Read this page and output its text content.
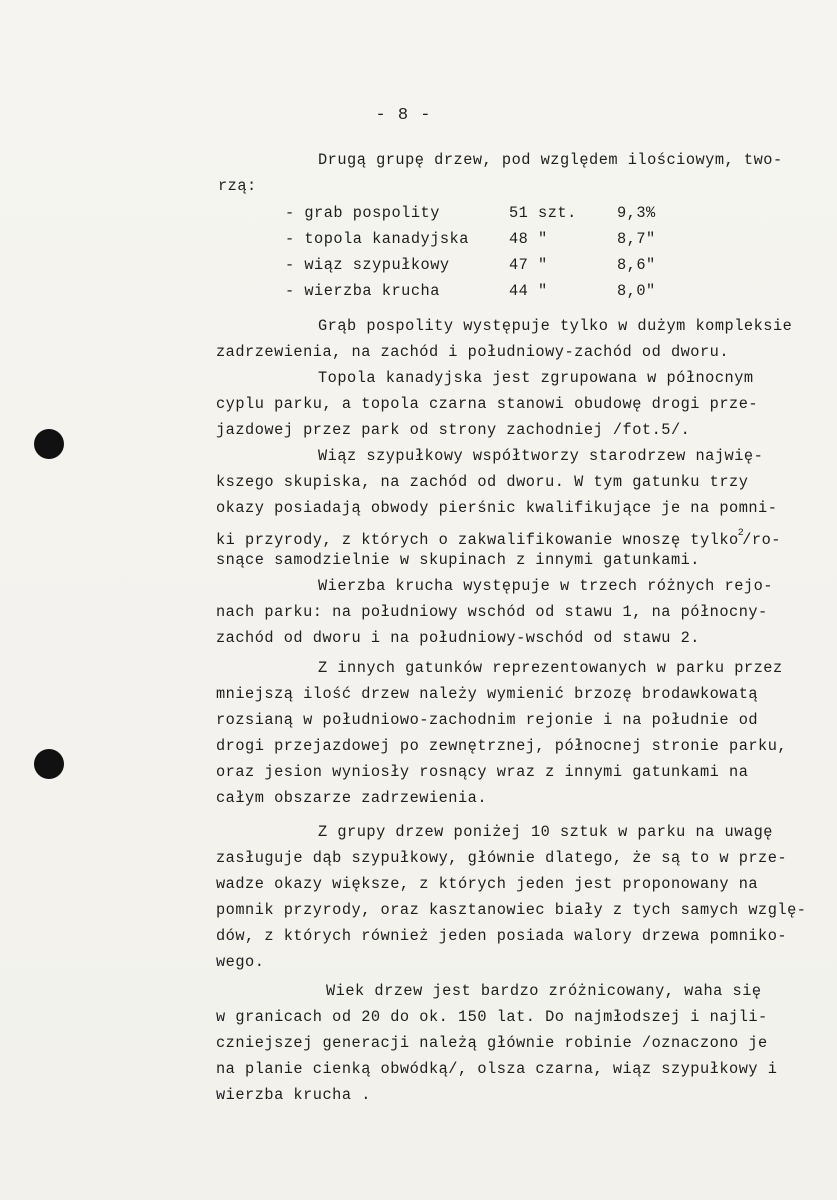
- 8 -
Drugą grupę drzew, pod względem ilościowym, two-
rzą:
- grab pospolity	51 szt.	9,3%
- topola kanadyjska	48 "	8,7"
- wiąz szypułkowy	47 "	8,6"
- wierzba krucha	44 "	8,0"
Grąb pospolity występuje tylko w dużym kompleksie
zadrzewienia, na zachód i południowy-zachód od dworu.
Topola kanadyjska jest zgrupowana w północnym
cyplu parku, a topola czarna stanowi obudowę drogi prze-
jazdowej przez park od strony zachodniej /fot.5/.
Wiąz szypułkowy współtworzy starodrzew najwię-
kszego skupiska, na zachód od dworu. W tym gatunku trzy
okazy posiadają obwody pierśnic kwalifikujące je na pomni-
ki przyrody, z których o zakwalifikowanie wnoszę tylko$^2$/ro-
snące samodzielnie w skupinach z innymi gatunkami.
Wierzba krucha występuje w trzech różnych rejo-
nach parku: na południowy wschód od stawu 1, na północny-
zachód od dworu i na południowy-wschód od stawu 2.
Z innych gatunków reprezentowanych w parku przez
mniejszą ilość drzew należy wymienić brzozę brodawkowatą
rozsianą w południowo-zachodnim rejonie i na południe od
drogi przejazdowej po zewnętrznej, północnej stronie parku,
oraz jesion wyniosły rosnący wraz z innymi gatunkami na
całym obszarze zadrzewienia.
Z grupy drzew poniżej 10 sztuk w parku na uwagę
zasługuje dąb szypułkowy, głównie dlatego, że są to w prze-
wadze okazy większe, z których jeden jest proponowany na
pomnik przyrody, oraz kasztanowiec biały z tych samych wzglę-
dów, z których również jeden posiada walory drzewa pomniko-
wego.
Wiek drzew jest bardzo zróżnicowany, waha się
w granicach od 20 do ok. 150 lat. Do najmłodszej i najli-
czniejszej generacji należą głównie robinie /oznaczono je
na planie cienką obwódką/, olsza czarna, wiąz szypułkowy i
wierzba krucha .
